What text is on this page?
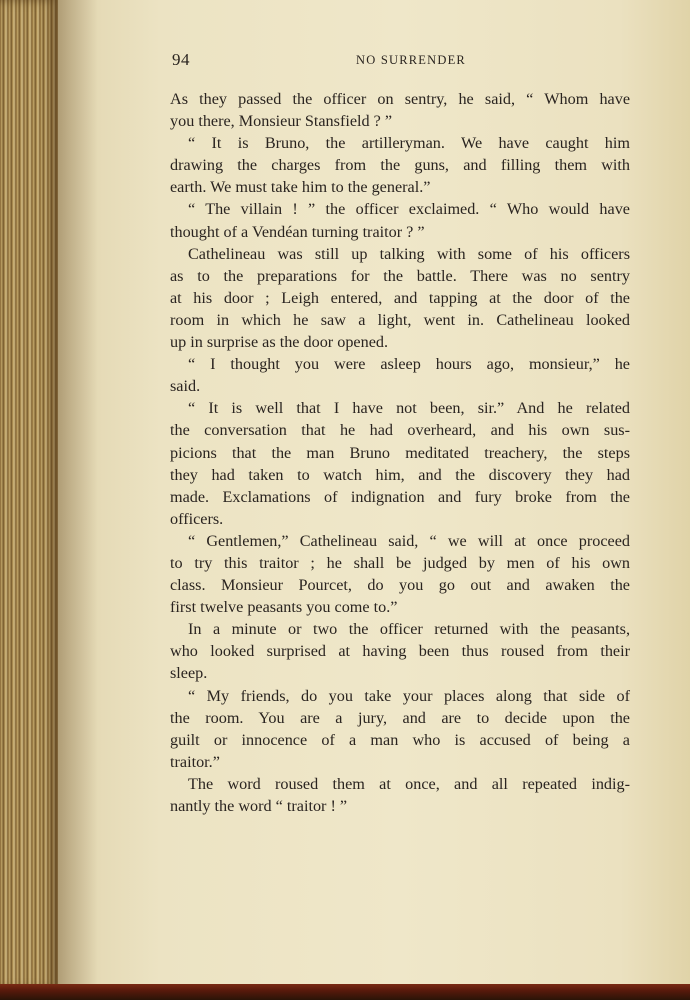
94	NO SURRENDER
As they passed the officer on sentry, he said, “ Whom have
you there, Monsieur Stansfield ? ”
“ It is Bruno, the artilleryman. We have caught him
drawing the charges from the guns, and filling them with
earth. We must take him to the general.”
“ The villain ! ” the officer exclaimed. “ Who would have
thought of a Vendéan turning traitor ? ”
Cathelineau was still up talking with some of his officers
as to the preparations for the battle. There was no sentry
at his door ; Leigh entered, and tapping at the door of the
room in which he saw a light, went in. Cathelineau looked
up in surprise as the door opened.
“ I thought you were asleep hours ago, monsieur,” he
said.
“ It is well that I have not been, sir.” And he related
the conversation that he had overheard, and his own sus-
picions that the man Bruno meditated treachery, the steps
they had taken to watch him, and the discovery they had
made. Exclamations of indignation and fury broke from the
officers.
“ Gentlemen,” Cathelineau said, “ we will at once proceed
to try this traitor ; he shall be judged by men of his own
class. Monsieur Pourcet, do you go out and awaken the
first twelve peasants you come to.”
In a minute or two the officer returned with the peasants,
who looked surprised at having been thus roused from their
sleep.
“ My friends, do you take your places along that side of
the room. You are a jury, and are to decide upon the
guilt or innocence of a man who is accused of being a
traitor.”
The word roused them at once, and all repeated indig-
nantly the word “ traitor ! ”
